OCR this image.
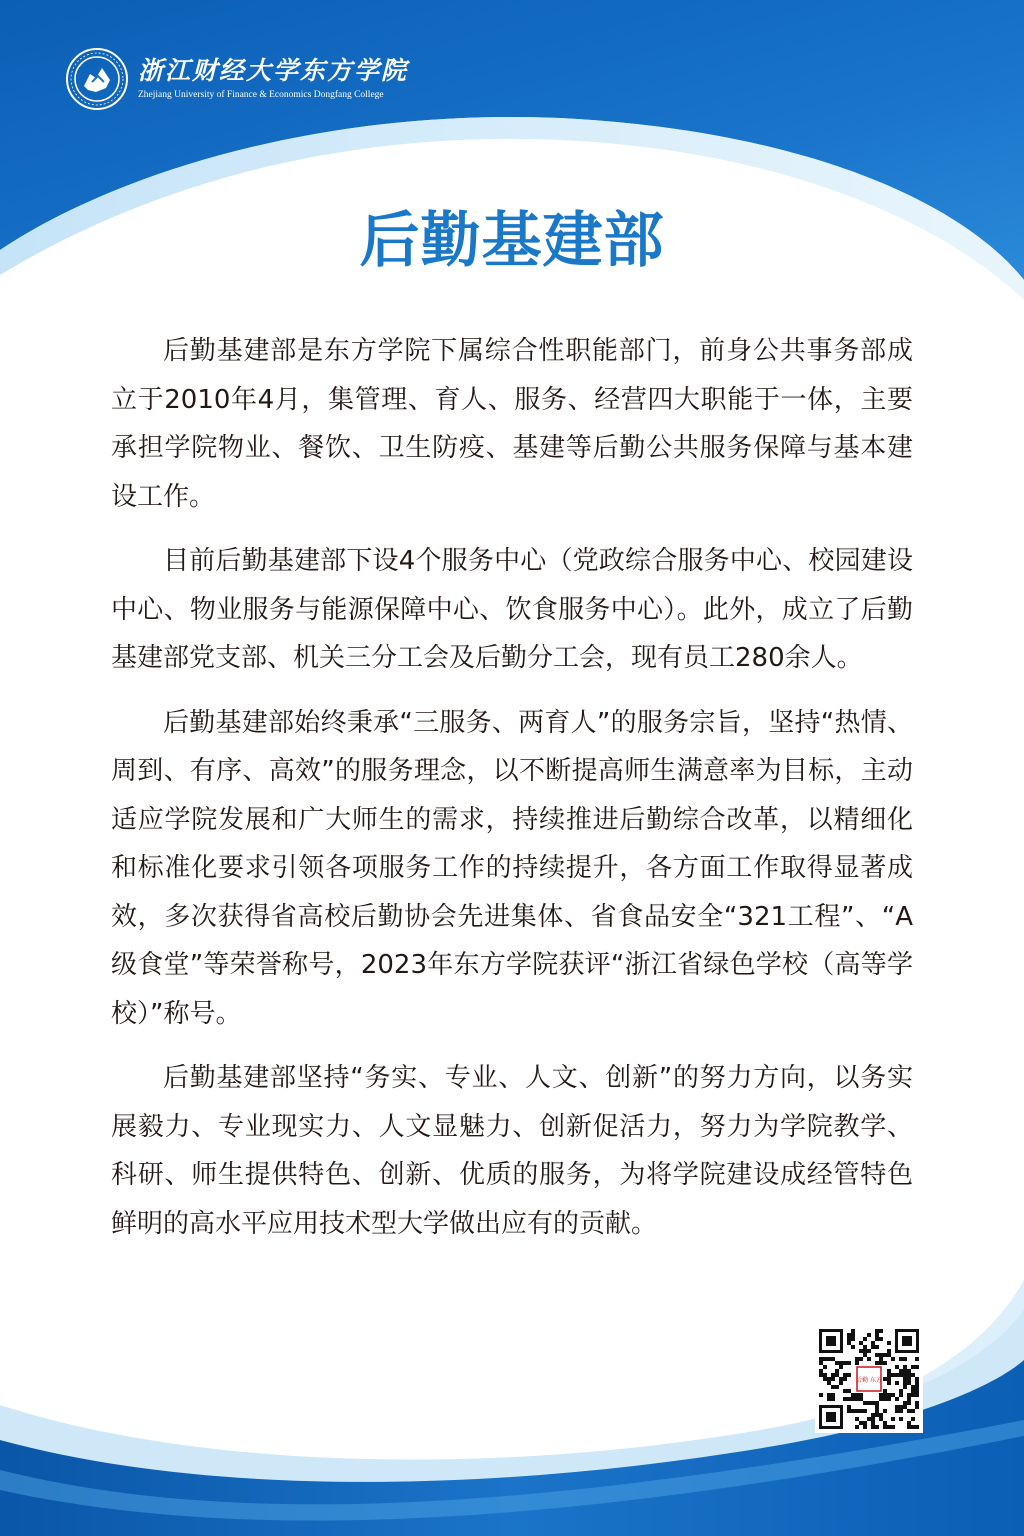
浙江财经大学东方学院
Zhejiang University of Finance & Economics Dongfang College
后勤基建部

后勤基建部是东方学院下属综合性职能部门，前身公共事务部成立于2010年4月，集管理、育人、服务、经营四大职能于一体，主要承担学院物业、餐饮、卫生防疫、基建等后勤公共服务保障与基本建设工作。

目前后勤基建部下设4个服务中心（党政综合服务中心、校园建设中心、物业服务与能源保障中心、饮食服务中心）。此外，成立了后勤基建部党支部、机关三分工会及后勤分工会，现有员工280余人。

后勤基建部始终秉承“三服务、两育人”的服务宗旨，坚持“热情、周到、有序、高效”的服务理念，以不断提高师生满意率为目标，主动适应学院发展和广大师生的需求，持续推进后勤综合改革，以精细化和标准化要求引领各项服务工作的持续提升，各方面工作取得显著成效，多次获得省高校后勤协会先进集体、省食品安全“321工程”、“A级食堂”等荣誉称号，2023年东方学院获评“浙江省绿色学校（高等学校）”称号。

后勤基建部坚持“务实、专业、人文、创新”的努力方向，以务实展毅力、专业现实力、人文显魅力、创新促活力，努力为学院教学、科研、师生提供特色、创新、优质的服务，为将学院建设成经管特色鲜明的高水平应用技术型大学做出应有的贡献。

后勤 东方
